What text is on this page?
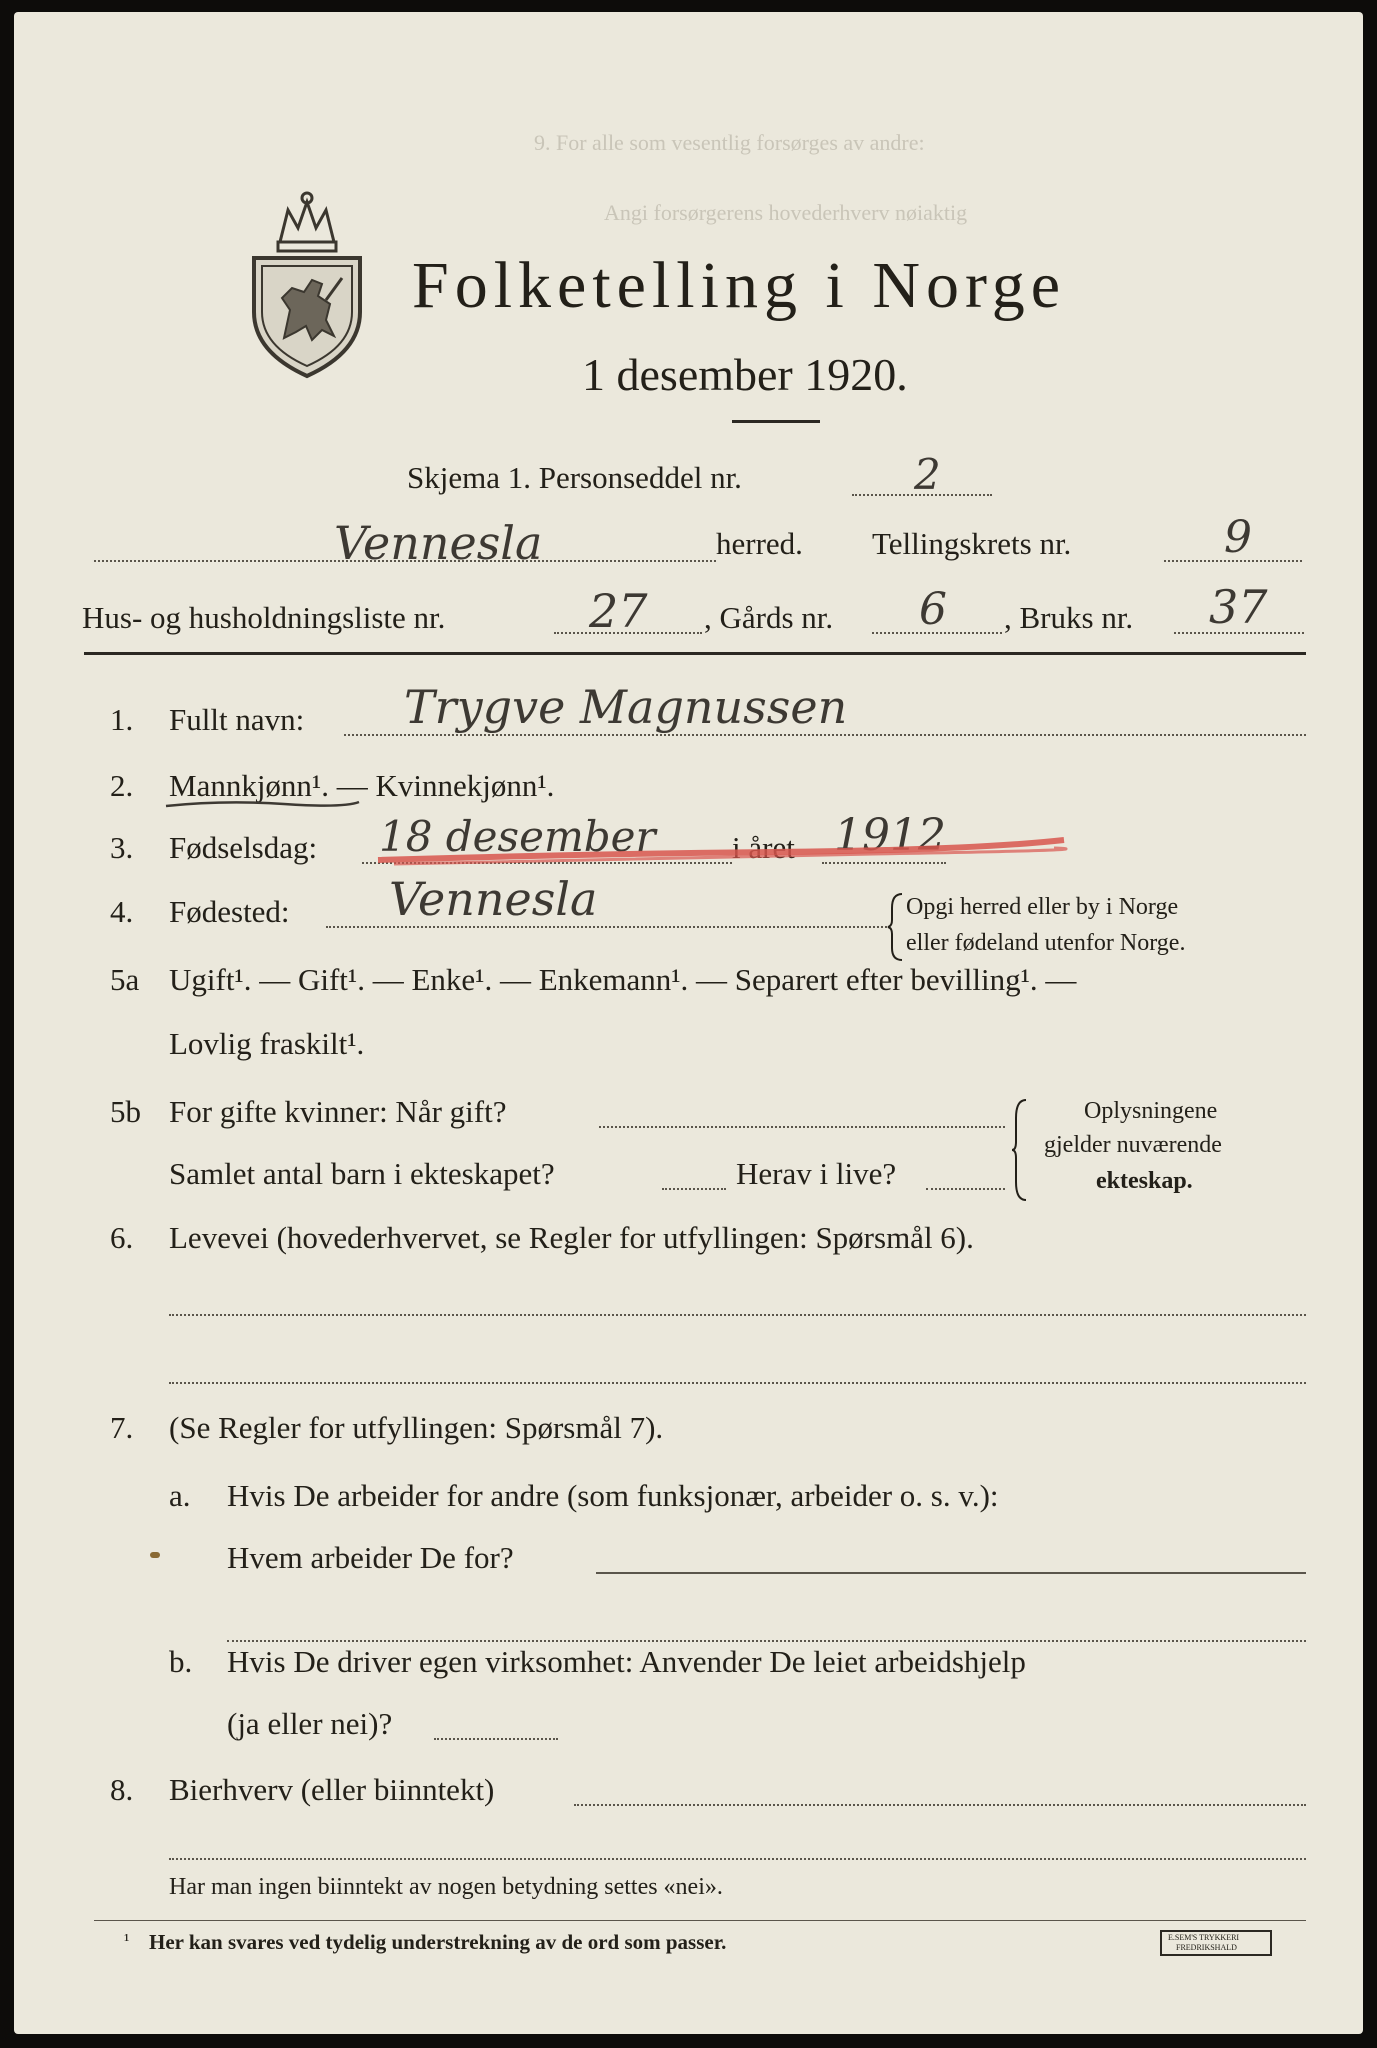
9. For alle som vesentlig forsørges av andre:
Angi forsørgerens hovederhverv nøiaktig
Folketelling i Norge
1 desember 1920.
Skjema 1. Personseddel nr.	2
Vennesla	herred. Tellingskrets nr.	9
Hus- og husholdningsliste nr.	27 , Gårds nr. 6 , Bruks nr. 37
1. Fullt navn: Trygve Magnussen
2. Mannkjønn¹. — Kvinnekjønn¹.
3. Fødselsdag: 18 desember i året 1912
4. Fødested: Vennesla	Opgi herred eller by i Norge
eller fødeland utenfor Norge.
5a Ugift¹. — Gift¹. — Enke¹. — Enkemann¹. — Separert efter bevilling¹. —
Lovlig fraskilt¹.
5b For gifte kvinner: Når gift?
Samlet antal barn i ekteskapet?	Herav i live?
Oplysningene
gjelder nuværende
ekteskap.
6. Levevei (hovederhvervet, se Regler for utfyllingen: Spørsmål 6).
7. (Se Regler for utfyllingen: Spørsmål 7).
a. Hvis De arbeider for andre (som funksjonær, arbeider o. s. v.):
Hvem arbeider De for?
b. Hvis De driver egen virksomhet: Anvender De leiet arbeidshjelp
(ja eller nei)?
8. Bierhverv (eller biinntekt)
Har man ingen biinntekt av nogen betydning settes «nei».
¹ Her kan svares ved tydelig understrekning av de ord som passer.	E.SEM'S TRYKKERI
FREDRIKSHALD
